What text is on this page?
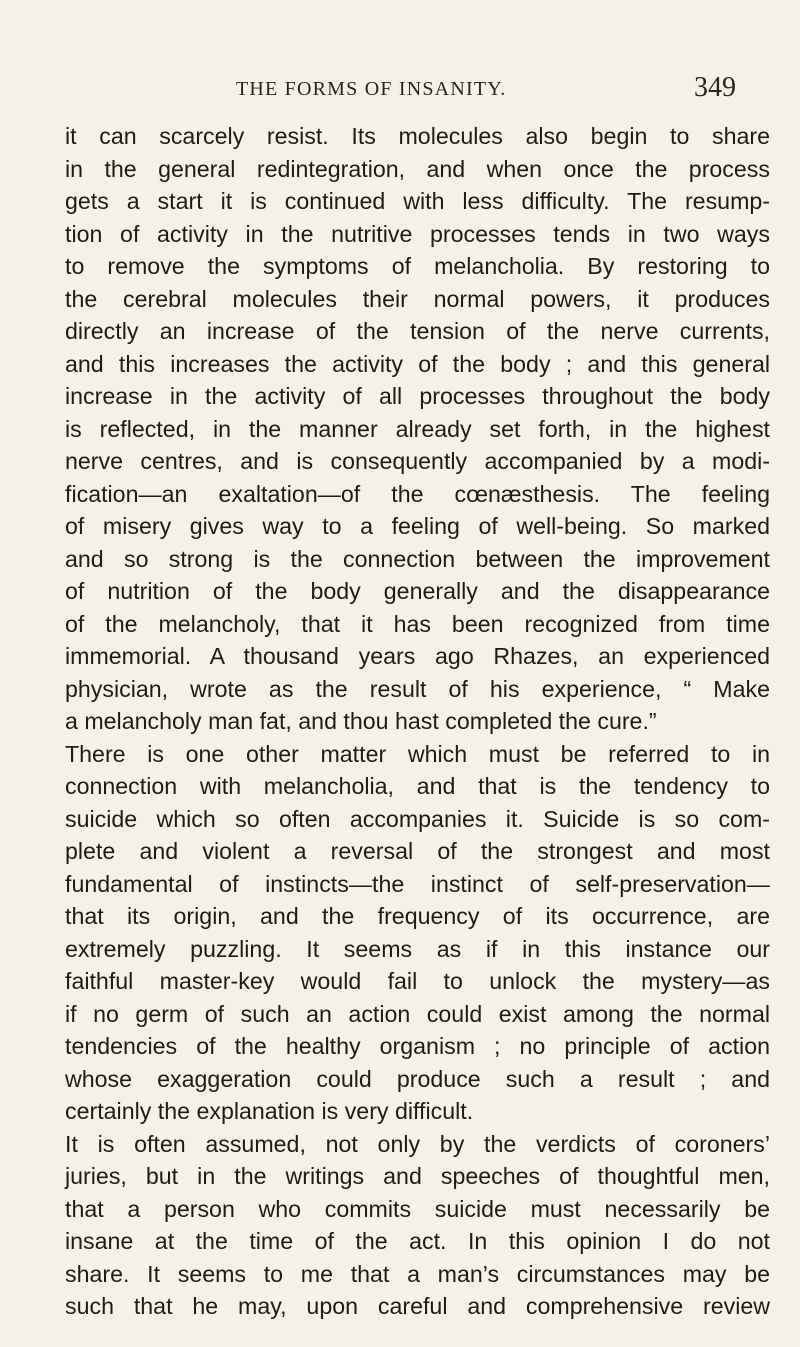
THE FORMS OF INSANITY.	349
it can scarcely resist. Its molecules also begin to share
in the general redintegration, and when once the process
gets a start it is continued with less difficulty. The resump-
tion of activity in the nutritive processes tends in two ways
to remove the symptoms of melancholia. By restoring to
the cerebral molecules their normal powers, it produces
directly an increase of the tension of the nerve currents,
and this increases the activity of the body ; and this general
increase in the activity of all processes throughout the body
is reflected, in the manner already set forth, in the highest
nerve centres, and is consequently accompanied by a modi-
fication—an exaltation—of the cœnæsthesis. The feeling
of misery gives way to a feeling of well-being. So marked
and so strong is the connection between the improvement
of nutrition of the body generally and the disappearance
of the melancholy, that it has been recognized from time
immemorial. A thousand years ago Rhazes, an experienced
physician, wrote as the result of his experience, “ Make
a melancholy man fat, and thou hast completed the cure.”
There is one other matter which must be referred to in
connection with melancholia, and that is the tendency to
suicide which so often accompanies it. Suicide is so com-
plete and violent a reversal of the strongest and most
fundamental of instincts—the instinct of self-preservation—
that its origin, and the frequency of its occurrence, are
extremely puzzling. It seems as if in this instance our
faithful master-key would fail to unlock the mystery—as
if no germ of such an action could exist among the normal
tendencies of the healthy organism ; no principle of action
whose exaggeration could produce such a result ; and
certainly the explanation is very difficult.
It is often assumed, not only by the verdicts of coroners’
juries, but in the writings and speeches of thoughtful men,
that a person who commits suicide must necessarily be
insane at the time of the act. In this opinion I do not
share. It seems to me that a man’s circumstances may be
such that he may, upon careful and comprehensive review
